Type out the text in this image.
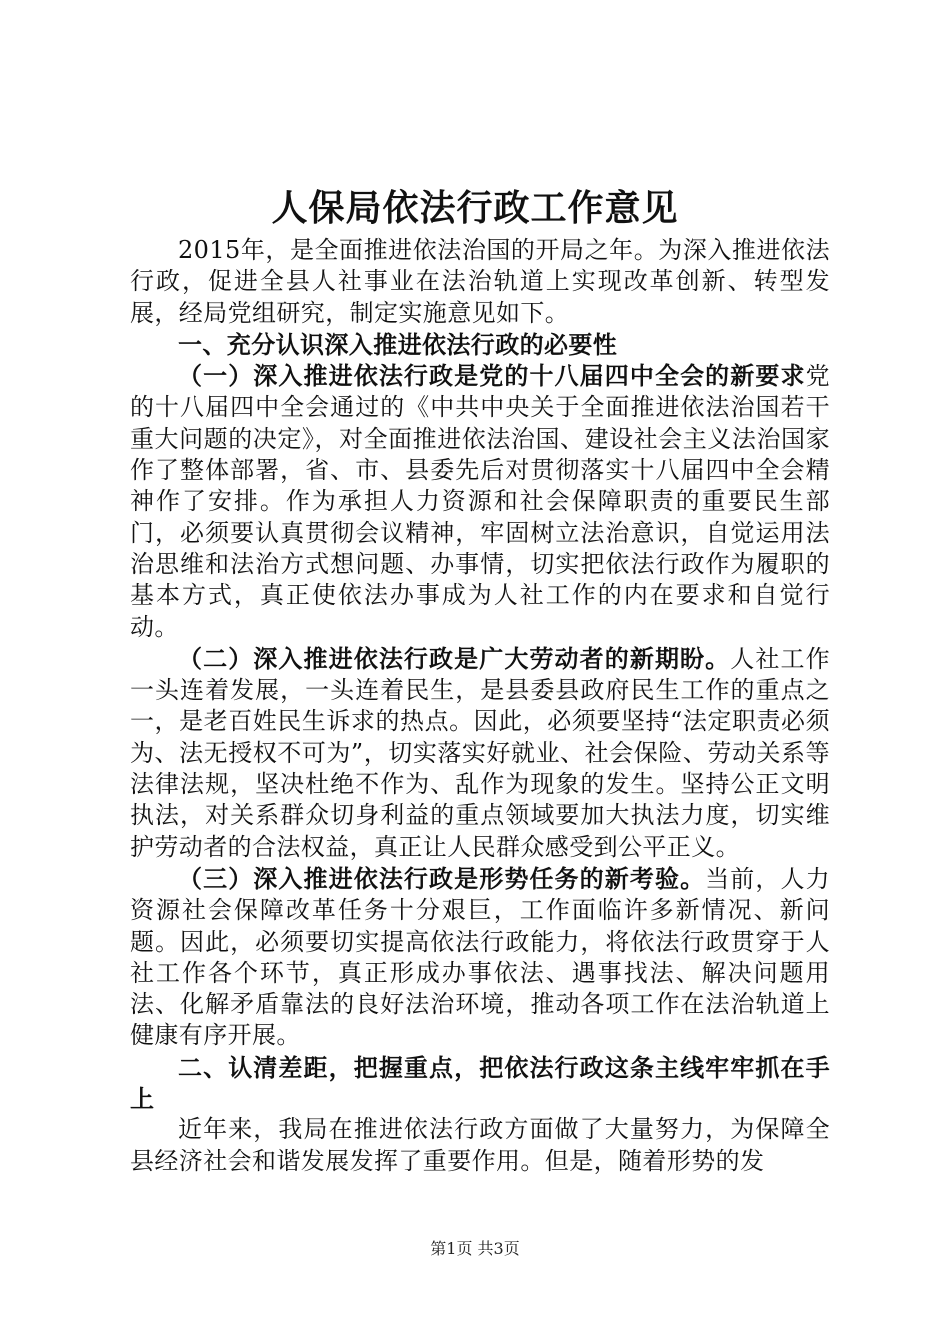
人保局依法行政工作意见

2015年，是全面推进依法治国的开局之年。为深入推进依法行政，促进全县人社事业在法治轨道上实现改革创新、转型发展，经局党组研究，制定实施意见如下。

一、充分认识深入推进依法行政的必要性

（一）深入推进依法行政是党的十八届四中全会的新要求党的十八届四中全会通过的《中共中央关于全面推进依法治国若干重大问题的决定》，对全面推进依法治国、建设社会主义法治国家作了整体部署，省、市、县委先后对贯彻落实十八届四中全会精神作了安排。作为承担人力资源和社会保障职责的重要民生部门，必须要认真贯彻会议精神，牢固树立法治意识，自觉运用法治思维和法治方式想问题、办事情，切实把依法行政作为履职的基本方式，真正使依法办事成为人社工作的内在要求和自觉行动。

（二）深入推进依法行政是广大劳动者的新期盼。人社工作一头连着发展，一头连着民生，是县委县政府民生工作的重点之一，是老百姓民生诉求的热点。因此，必须要坚持“法定职责必须为、法无授权不可为”，切实落实好就业、社会保险、劳动关系等法律法规，坚决杜绝不作为、乱作为现象的发生。坚持公正文明执法，对关系群众切身利益的重点领域要加大执法力度，切实维护劳动者的合法权益，真正让人民群众感受到公平正义。

（三）深入推进依法行政是形势任务的新考验。当前，人力资源社会保障改革任务十分艰巨，工作面临许多新情况、新问题。因此，必须要切实提高依法行政能力，将依法行政贯穿于人社工作各个环节，真正形成办事依法、遇事找法、解决问题用法、化解矛盾靠法的良好法治环境，推动各项工作在法治轨道上健康有序开展。

二、认清差距，把握重点，把依法行政这条主线牢牢抓在手上

近年来，我局在推进依法行政方面做了大量努力，为保障全县经济社会和谐发展发挥了重要作用。但是，随着形势的发

第1页 共3页
